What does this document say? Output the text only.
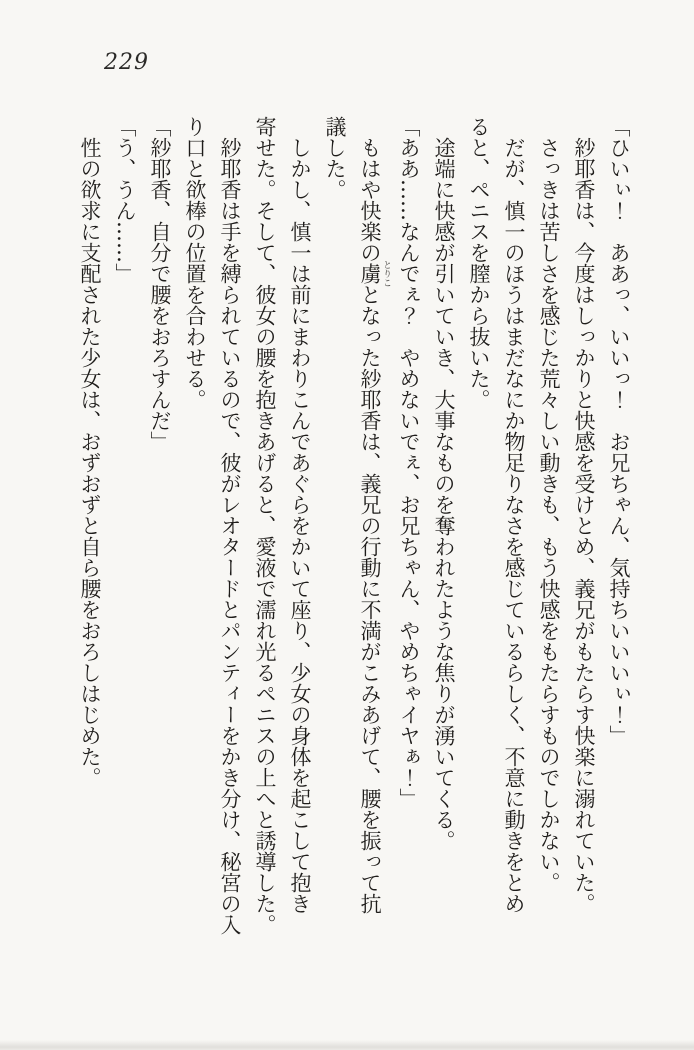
229
「ひいぃ！　ああっ、いいっ！　お兄ちゃん、気持ちいいいぃ！」
　紗耶香は、今度はしっかりと快感を受けとめ、義兄がもたらす快楽に溺れていた。
　さっきは苦しさを感じた荒々しい動きも、もう快感をもたらすものでしかない。
　だが、慎一のほうはまだなにか物足りなさを感じているらしく、不意に動きをとめ
ると、ペニスを膣から抜いた。
　途端に快感が引いていき、大事なものを奪われたような焦りが湧いてくる。
「ああ……なんでぇ？　やめないでぇ、お兄ちゃん、やめちゃイヤぁ！」
　もはや快楽の虜 とりことなった紗耶香は、義兄の行動に不満がこみあげて、腰を振って抗
議した。
　しかし、慎一は前にまわりこんであぐらをかいて座り、少女の身体を起こして抱き
寄せた。そして、彼女の腰を抱きあげると、愛液で濡れ光るペニスの上へと誘導した。
　紗耶香は手を縛られているので、彼がレオタードとパンティーをかき分け、秘宮の入
り口と欲棒の位置を合わせる。
「紗耶香、自分で腰をおろすんだ」
「う、うん……」
　性の欲求に支配された少女は、おずおずと自ら腰をおろしはじめた。
